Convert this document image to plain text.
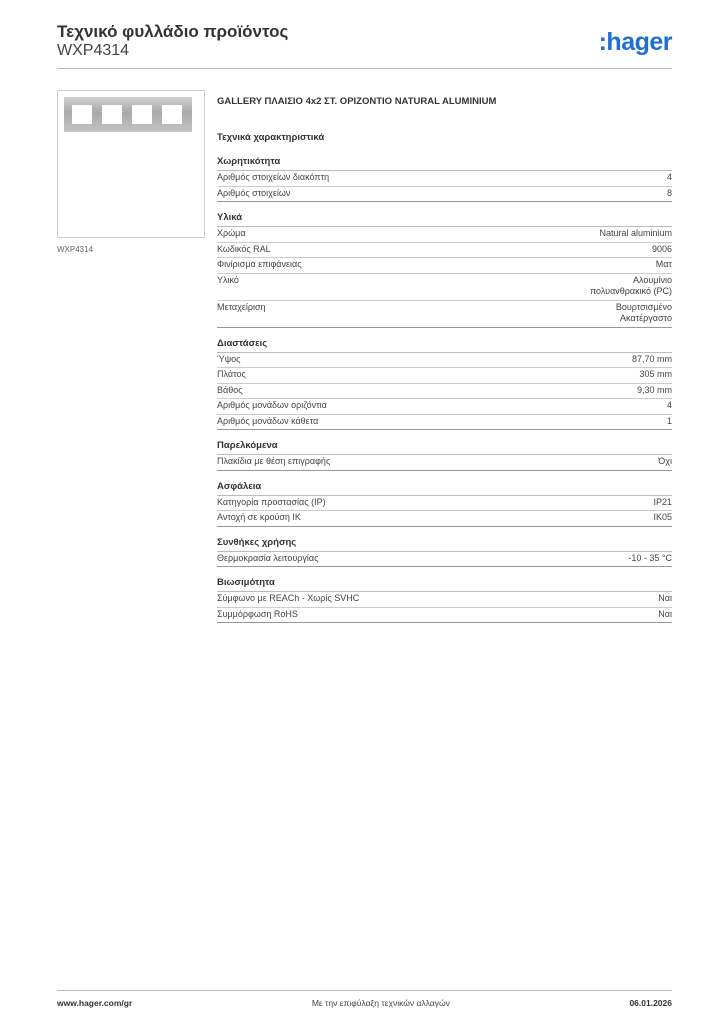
Τεχνικό φυλλάδιο προϊόντος
WXP4314	:hager
WXP4314
GALLERY ΠΛΑΙΣΙΟ 4x2 ΣΤ. ΟΡΙΖΟΝΤΙΟ NATURAL ALUMINIUM
Τεχνικά χαρακτηριστικά
Χωρητικότητα
Αριθμός στοιχείων διακόπτη	4
Αριθμός στοιχείων	8
Υλικά
Χρώμα	Natural aluminium
Κωδικός RAL	9006
Φινίρισμα επιφάνειας	Ματ
Υλικό	Αλουμίνιο
πολυανθρακικό (PC)
Μεταχείριση	Βουρτσισμένο
Ακατέργαστο
Διαστάσεις
Ύψος	87,70 mm
Πλάτος	305 mm
Βάθος	9,30 mm
Αριθμός μονάδων οριζόντια	4
Αριθμός μονάδων κάθετα	1
Παρελκόμενα
Πλακίδια με θέση επιγραφής	Όχι
Ασφάλεια
Κατηγορία προστασίας (IP)	IP21
Αντοχή σε κρούση IK	IK05
Συνθήκες χρήσης
Θερμοκρασία λειτουργίας	-10 - 35 °C
Βιωσιμότητα
Σύμφωνο με REACh - Χωρίς SVHC	Ναι
Συμμόρφωση RoHS	Ναι
www.hager.com/gr	Με την επιφύλαξη τεχνικών αλλαγών	06.01.2026
